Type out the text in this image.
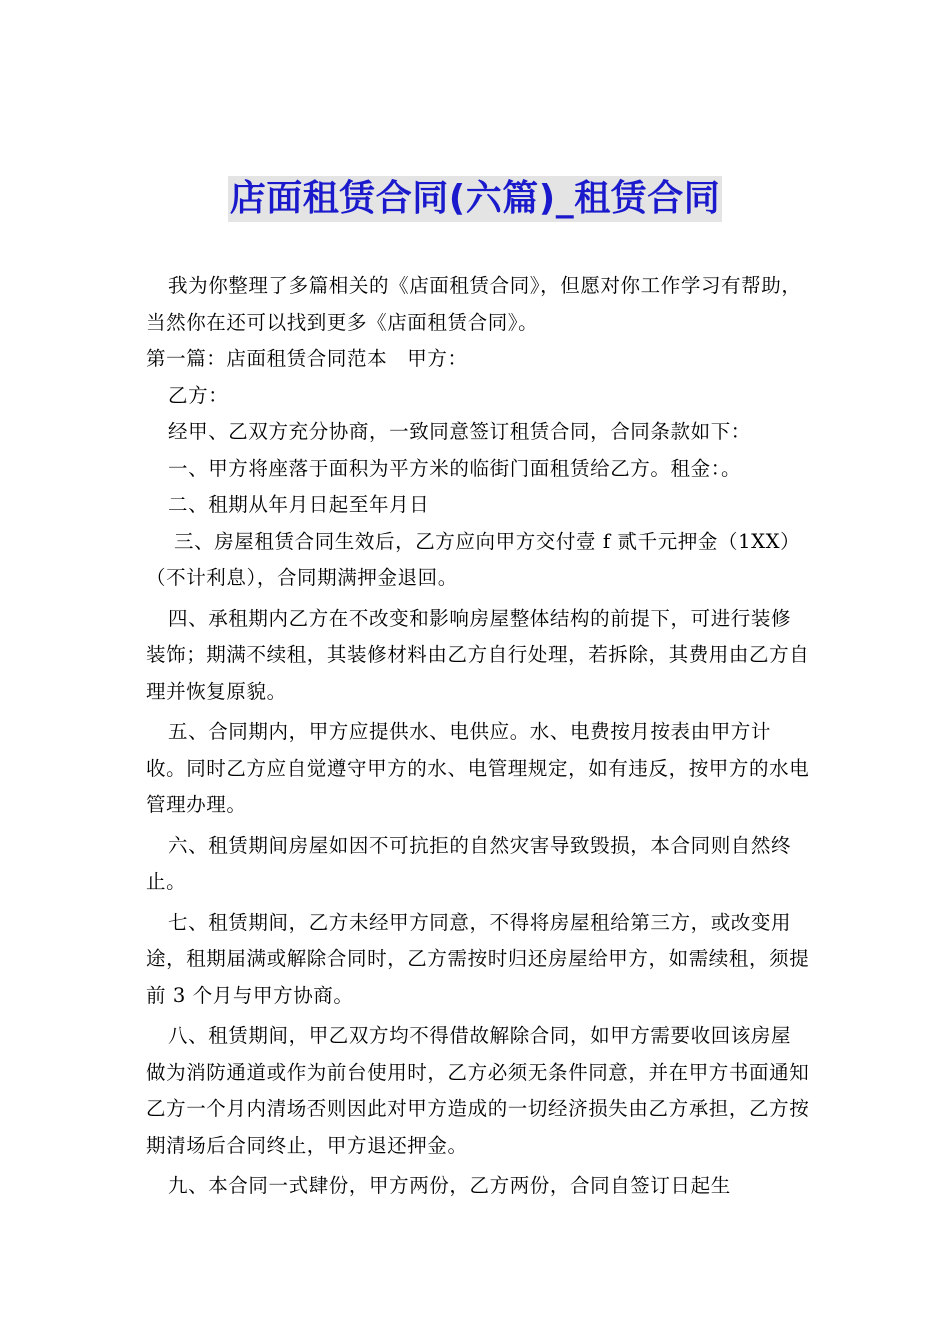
店面租赁合同(六篇)_租赁合同

我为你整理了多篇相关的《店面租赁合同》，但愿对你工作学习有帮助，当然你在还可以找到更多《店面租赁合同》。

第一篇：店面租赁合同范本　甲方：

乙方：

经甲、乙双方充分协商，一致同意签订租赁合同，合同条款如下：

一、甲方将座落于面积为平方米的临街门面租赁给乙方。租金：。

二、租期从年月日起至年月日

三、房屋租赁合同生效后，乙方应向甲方交付壹 f 贰千元押金（1XX）（不计利息），合同期满押金退回。

四、承租期内乙方在不改变和影响房屋整体结构的前提下，可进行装修装饰；期满不续租，其装修材料由乙方自行处理，若拆除，其费用由乙方自理并恢复原貌。

五、合同期内，甲方应提供水、电供应。水、电费按月按表由甲方计收。同时乙方应自觉遵守甲方的水、电管理规定，如有违反，按甲方的水电管理办理。

六、租赁期间房屋如因不可抗拒的自然灾害导致毁损，本合同则自然终止。

七、租赁期间，乙方未经甲方同意，不得将房屋租给第三方，或改变用途，租期届满或解除合同时，乙方需按时归还房屋给甲方，如需续租，须提前 3 个月与甲方协商。

八、租赁期间，甲乙双方均不得借故解除合同，如甲方需要收回该房屋做为消防通道或作为前台使用时，乙方必须无条件同意，并在甲方书面通知乙方一个月内清场否则因此对甲方造成的一切经济损失由乙方承担，乙方按期清场后合同终止，甲方退还押金。

九、本合同一式肆份，甲方两份，乙方两份，合同自签订日起生
